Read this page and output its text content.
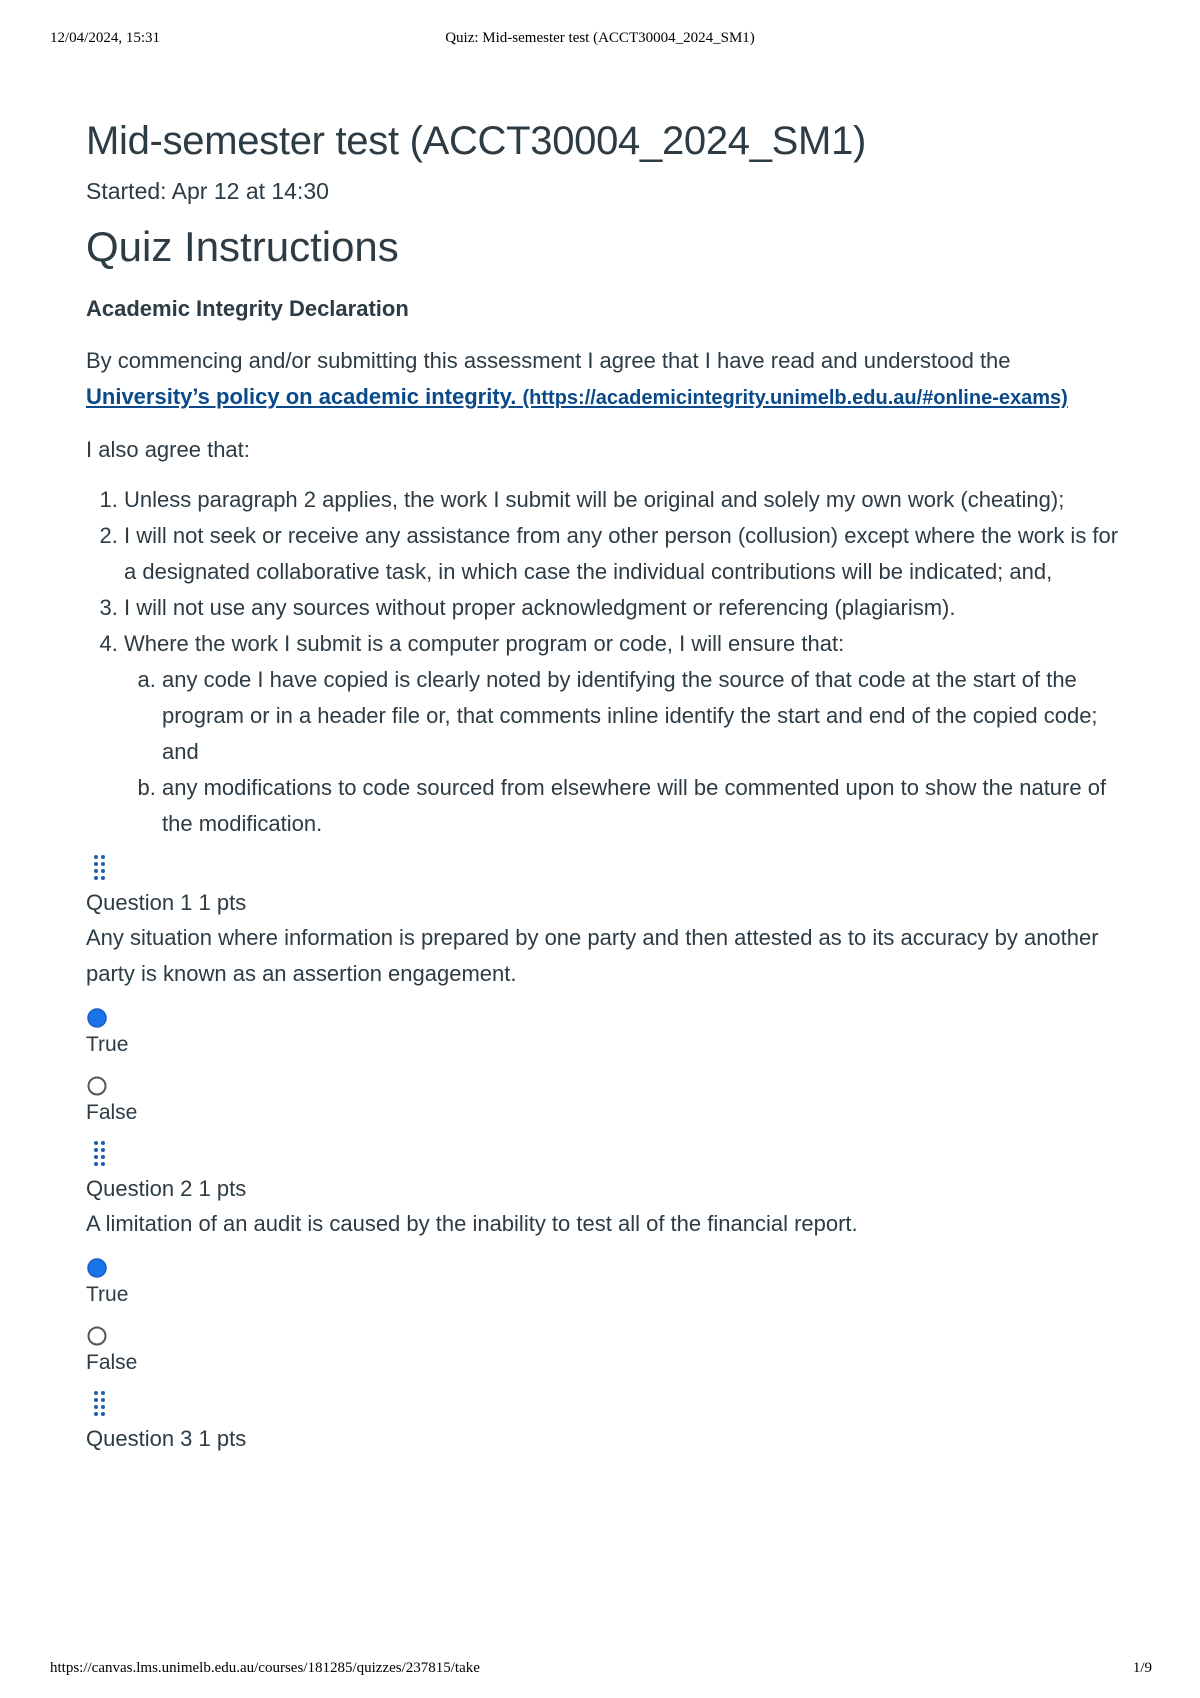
12/04/2024, 15:31	Quiz: Mid-semester test (ACCT30004_2024_SM1)
Mid-semester test (ACCT30004_2024_SM1)
Started: Apr 12 at 14:30
Quiz Instructions
Academic Integrity Declaration
By commencing and/or submitting this assessment I agree that I have read and understood the University’s policy on academic integrity. (https://academicintegrity.unimelb.edu.au/#online-exams)
I also agree that:
1. Unless paragraph 2 applies, the work I submit will be original and solely my own work (cheating);
2. I will not seek or receive any assistance from any other person (collusion) except where the work is for a designated collaborative task, in which case the individual contributions will be indicated; and,
3. I will not use any sources without proper acknowledgment or referencing (plagiarism).
4. Where the work I submit is a computer program or code, I will ensure that:
a. any code I have copied is clearly noted by identifying the source of that code at the start of the program or in a header file or, that comments inline identify the start and end of the copied code; and
b. any modifications to code sourced from elsewhere will be commented upon to show the nature of the modification.
Question 1 1 pts
Any situation where information is prepared by one party and then attested as to its accuracy by another party is known as an assertion engagement.
True
False
Question 2 1 pts
A limitation of an audit is caused by the inability to test all of the financial report.
True
False
Question 3 1 pts
https://canvas.lms.unimelb.edu.au/courses/181285/quizzes/237815/take	1/9
